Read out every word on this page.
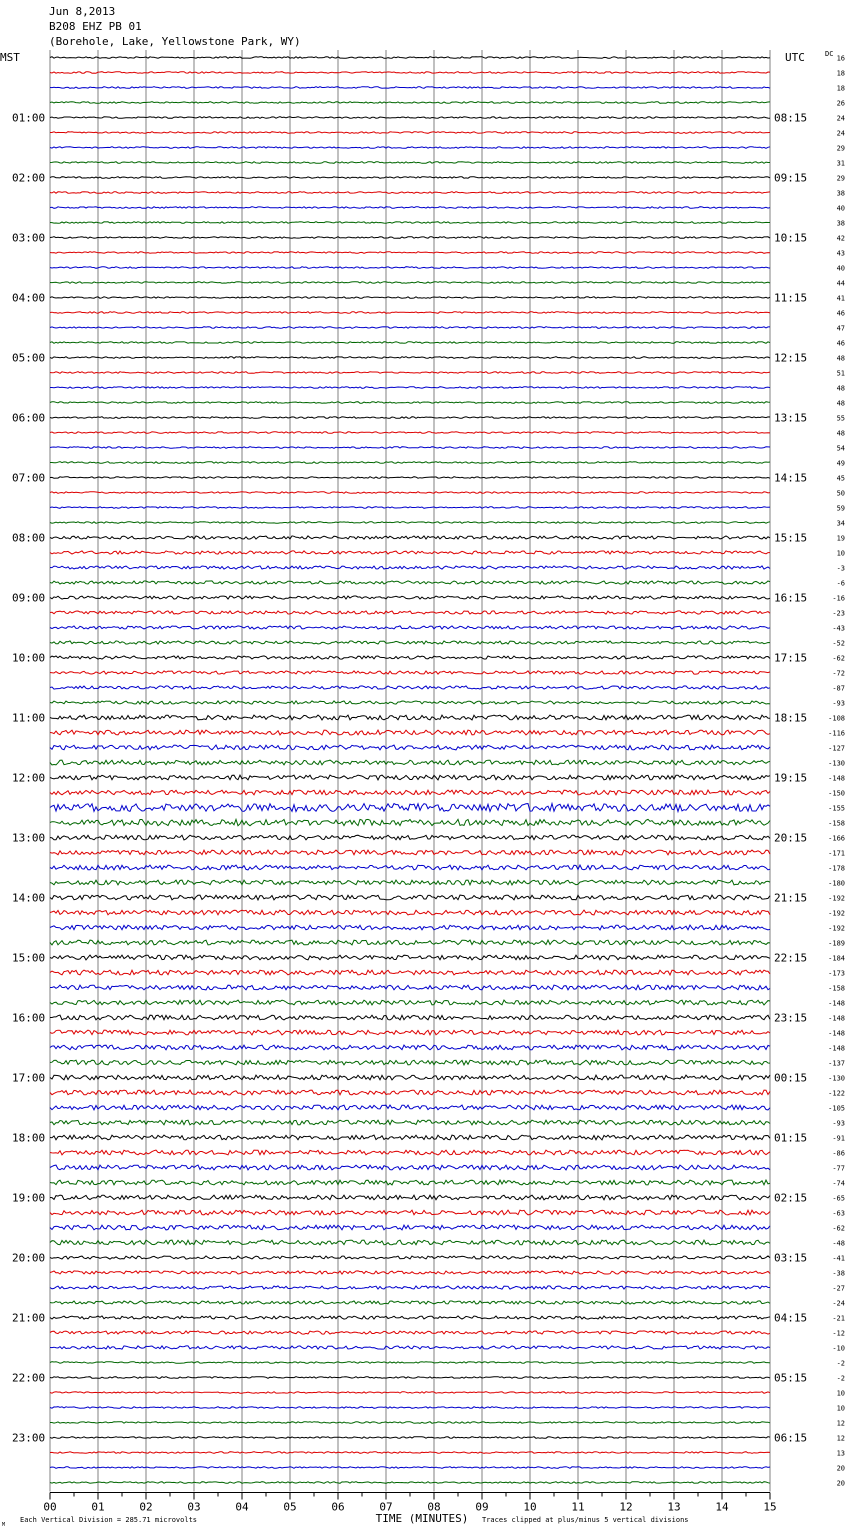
Jun 8,2013
B208 EHZ PB 01
(Borehole, Lake, Yellowstone Park, WY)
MST	UTC	DC
01:00
02:00
03:00
04:00
05:00
06:00
07:00
08:00
09:00
10:00
11:00
12:00
13:00
14:00
15:00
16:00
17:00
18:00
19:00
20:00
21:00
22:00
23:00
08:15
09:15
10:15
11:15
12:15
13:15
14:15
15:15
16:15
17:15
18:15
19:15
20:15
21:15
22:15
23:15
00:15
01:15
02:15
03:15
04:15
05:15
06:15
16
18
18
26
24
24
29
31
29
38
40
38
42
43
40
44
41
46
47
46
48
51
48
48
55
48
54
49
45
50
59
34
19
10
-3
-6
-16
-23
-43
-52
-62
-72
-87
-93
-108
-116
-127
-130
-148
-150
-155
-158
-166
-171
-178
-180
-192
-192
-192
-189
-184
-173
-158
-148
-148
-148
-148
-137
-130
-122
-105
-93
-91
-86
-77
-74
-65
-63
-62
-48
-41
-38
-27
-24
-21
-12
-10
-2
-2
10
10
12
12
13
20
20
00	01	02	03	04	05	06	07	08	09	10	11	12	13	14	15
TIME (MINUTES)
Each Vertical Division = 285.71 microvolts	Traces clipped at plus/minus 5 vertical divisions
M
